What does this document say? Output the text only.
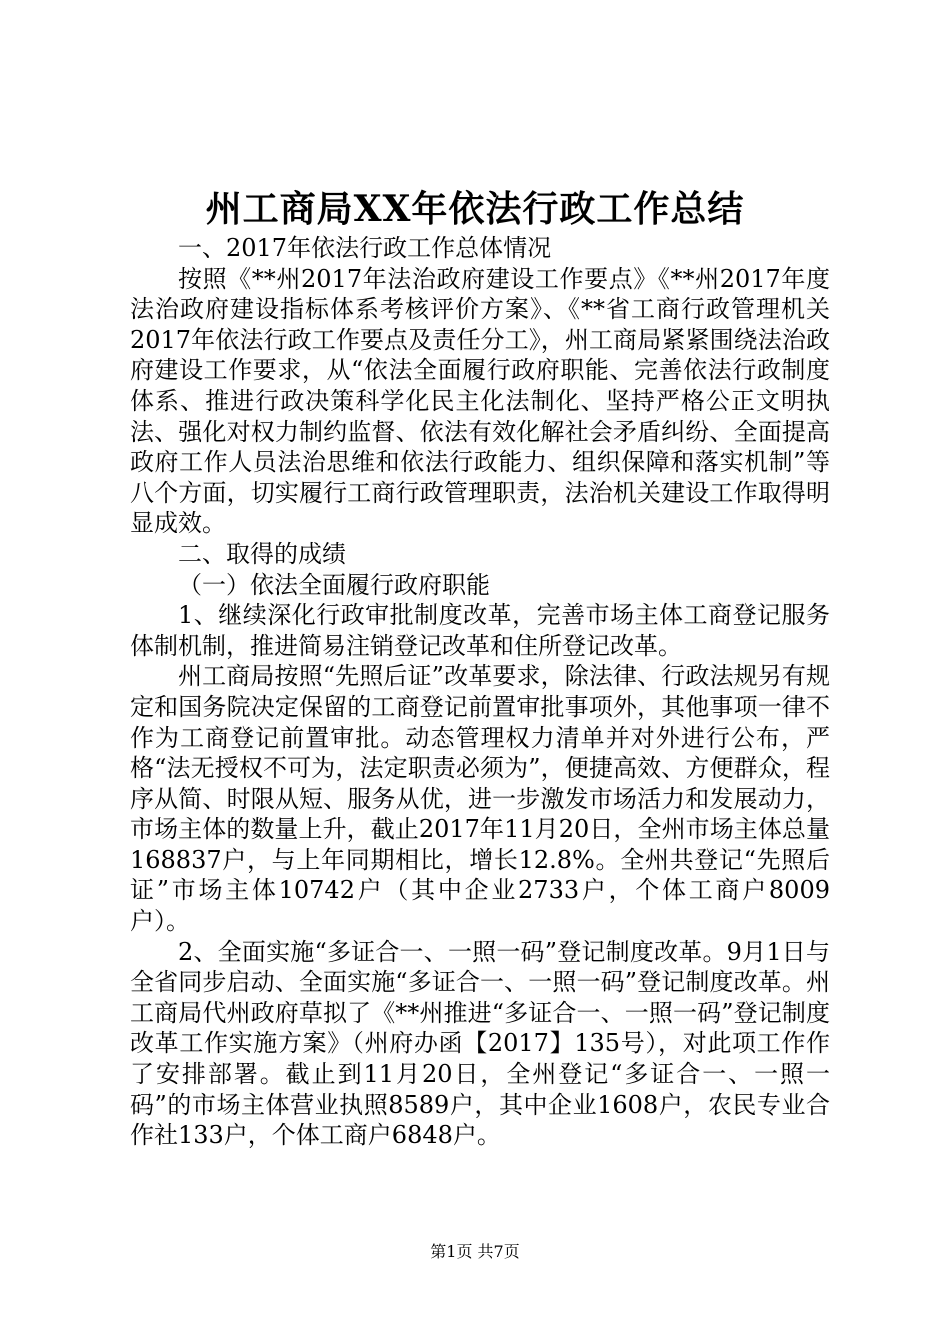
州工商局XX年依法行政工作总结

一、2017年依法行政工作总体情况

按照《**州2017年法治政府建设工作要点》《**州2017年度法治政府建设指标体系考核评价方案》、《**省工商行政管理机关2017年依法行政工作要点及责任分工》，州工商局紧紧围绕法治政府建设工作要求，从“依法全面履行政府职能、完善依法行政制度体系、推进行政决策科学化民主化法制化、坚持严格公正文明执法、强化对权力制约监督、依法有效化解社会矛盾纠纷、全面提高政府工作人员法治思维和依法行政能力、组织保障和落实机制”等八个方面，切实履行工商行政管理职责，法治机关建设工作取得明显成效。

二、取得的成绩

（一）依法全面履行政府职能

1、继续深化行政审批制度改革，完善市场主体工商登记服务体制机制，推进简易注销登记改革和住所登记改革。

州工商局按照“先照后证”改革要求，除法律、行政法规另有规定和国务院决定保留的工商登记前置审批事项外，其他事项一律不作为工商登记前置审批。动态管理权力清单并对外进行公布，严格“法无授权不可为，法定职责必须为”，便捷高效、方便群众，程序从简、时限从短、服务从优，进一步激发市场活力和发展动力，市场主体的数量上升，截止2017年11月20日，全州市场主体总量168837户，与上年同期相比，增长12.8%。全州共登记“先照后证”市场主体10742户（其中企业2733户，个体工商户8009户）。

2、全面实施“多证合一、一照一码”登记制度改革。9月1日与全省同步启动、全面实施“多证合一、一照一码”登记制度改革。州工商局代州政府草拟了《**州推进“多证合一、一照一码”登记制度改革工作实施方案》（州府办函【2017】135号），对此项工作作了安排部署。截止到11月20日，全州登记“多证合一、一照一码”的市场主体营业执照8589户，其中企业1608户，农民专业合作社133户，个体工商户6848户。

第1页 共7页
